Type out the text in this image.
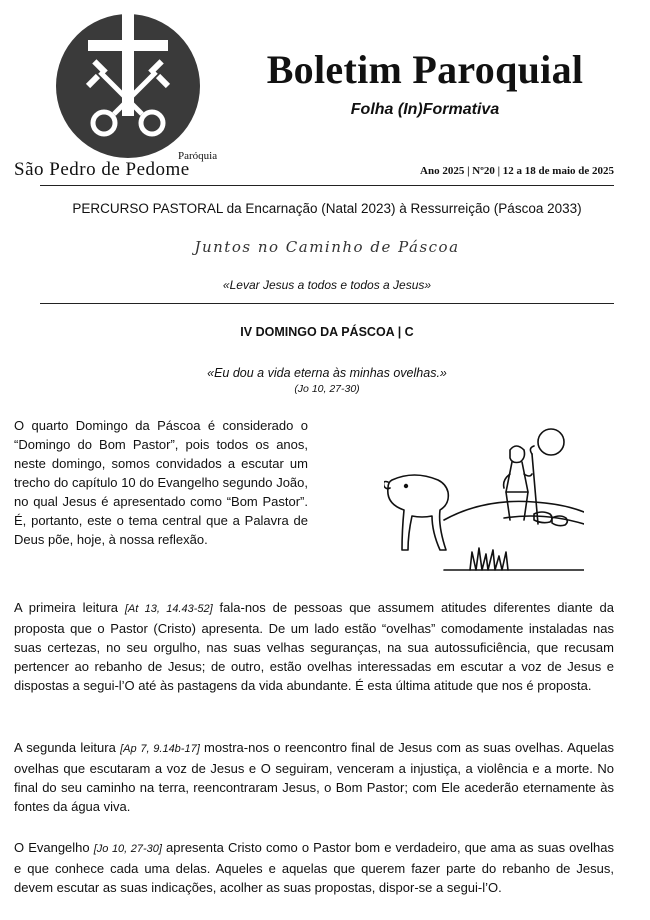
Paróquia
São Pedro de Pedome
Boletim Paroquial
Folha (In)Formativa
Ano 2025 | Nº20 | 12 a 18 de maio de 2025
PERCURSO PASTORAL da Encarnação (Natal 2023) à Ressurreição (Páscoa 2033)
Juntos no Caminho de Páscoa
«Levar Jesus a todos e todos a Jesus»
IV DOMINGO DA PÁSCOA | C
«Eu dou a vida eterna às minhas ovelhas.»
(Jo 10, 27-30)

O quarto Domingo da Páscoa é considerado o “Domingo do Bom Pastor”, pois todos os anos, neste domingo, somos convidados a escutar um trecho do capítulo 10 do Evangelho segundo João, no qual Jesus é apresentado como “Bom Pastor”. É, portanto, este o tema central que a Palavra de Deus põe, hoje, à nossa reflexão.

A primeira leitura [At 13, 14.43-52] fala-nos de pessoas que assumem atitudes diferentes diante da proposta que o Pastor (Cristo) apresenta. De um lado estão “ovelhas” comodamente instaladas nas suas certezas, no seu orgulho, nas suas velhas seguranças, na sua autossuficiência, que recusam pertencer ao rebanho de Jesus; de outro, estão ovelhas interessadas em escutar a voz de Jesus e dispostas a segui-l’O até às pastagens da vida abundante. É esta última atitude que nos é proposta.

A segunda leitura [Ap 7, 9.14b-17] mostra-nos o reencontro final de Jesus com as suas ovelhas. Aquelas ovelhas que escutaram a voz de Jesus e O seguiram, venceram a injustiça, a violência e a morte. No final do seu caminho na terra, reencontraram Jesus, o Bom Pastor; com Ele acederão eternamente às fontes da água viva.

O Evangelho [Jo 10, 27-30] apresenta Cristo como o Pastor bom e verdadeiro, que ama as suas ovelhas e que conhece cada uma delas. Aqueles e aquelas que querem fazer parte do rebanho de Jesus, devem escutar as suas indicações, acolher as suas propostas, dispor-se a segui-l’O.
